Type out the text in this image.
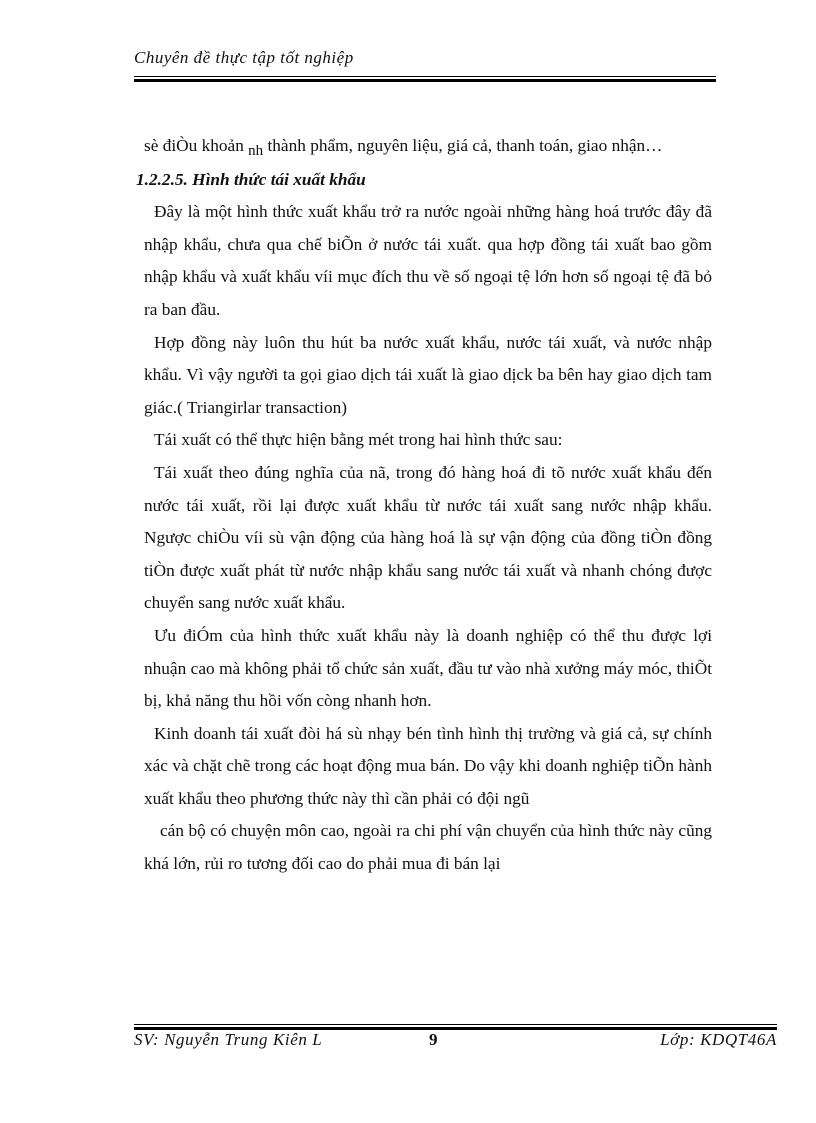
Chuyên đề thực tập tốt nghiệp

sè điÒu khoản nh thành phẩm, nguyên liệu, giá cả, thanh toán, giao nhận…

1.2.2.5. Hình thức tái xuất khẩu

Đây là một hình thức xuất khẩu trở ra nước ngoài những hàng hoá trước đây đã nhập khẩu, chưa qua chế biÕn ở nước tái xuất. qua hợp đồng tái xuất bao gồm nhập khẩu và xuất khẩu víi mục đích thu về số ngoại tệ lớn hơn số ngoại tệ đã bỏ ra ban đầu.

Hợp đồng này luôn thu hút ba nước xuất khẩu, nước tái xuất, và nước nhập khẩu. Vì vậy người ta gọi giao dịch tái xuất là giao dịck ba bên hay giao dịch tam giác.( Triangirlar transaction)

Tái xuất có thể thực hiện bằng mét trong hai hình thức sau:

Tái xuất theo đúng nghĩa của nã, trong đó hàng hoá đi tõ nước xuất khẩu đến nước tái xuất, rồi lại được xuất khẩu từ nước tái xuất sang nước nhập khẩu. Ngược chiÒu víi sù vận động của hàng hoá là sự vận động của đồng tiÒn đồng tiÒn được xuất phát từ nước nhập khẩu sang nước tái xuất và nhanh chóng được chuyển sang nước xuất khẩu.

Ưu điÓm của hình thức xuất khẩu này là doanh nghiệp có thể thu được lợi nhuận cao mà không phải tổ chức sản xuất, đầu tư vào nhà xưởng máy móc, thiÕt bị, khả năng thu hồi vốn còng nhanh hơn.

Kinh doanh tái xuất đòi há sù nhạy bén tình hình thị trường và giá cả, sự chính xác và chặt chẽ trong các hoạt động mua bán. Do vậy khi doanh nghiệp tiÕn hành xuất khẩu theo phương thức này thì cần phải có đội ngũ

cán bộ có chuyện môn cao, ngoài ra chi phí vận chuyển của hình thức này cũng khá lớn, rủi ro tương đối cao do phải mua đi bán lại

SV: Nguyễn Trung Kiên L	9	Lớp: KDQT46A
